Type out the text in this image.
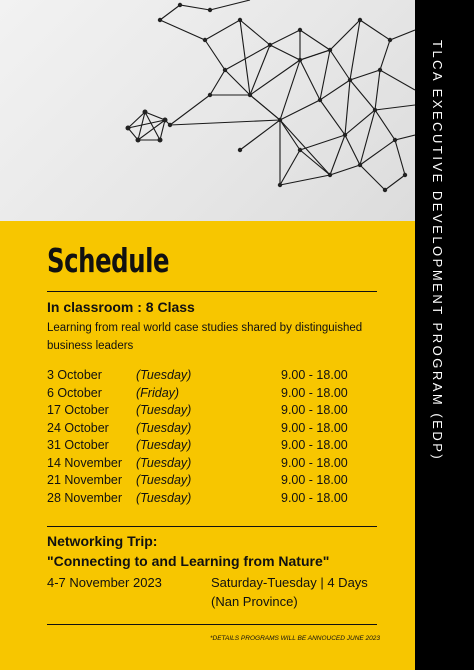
TLCA EXECUTIVE DEVELOPMENT PROGRAM (EDP)
Schedule
In classroom : 8 Class
Learning from real world case studies shared by distinguished business leaders
3 October	(Tuesday)	9.00 - 18.00
6 October	(Friday)	9.00 - 18.00
17 October (Tuesday)	9.00 - 18.00
24 October (Tuesday)	9.00 - 18.00
31 October (Tuesday)	9.00 - 18.00
14 November (Tuesday)	9.00 - 18.00
21 November (Tuesday)	9.00 - 18.00
28 November (Tuesday)	9.00 - 18.00
Networking Trip:
"Connecting to and Learning from Nature"
4-7 November 2023	Saturday-Tuesday | 4 Days
(Nan Province)
*DETAILS PROGRAMS WILL BE ANNOUCED JUNE 2023
